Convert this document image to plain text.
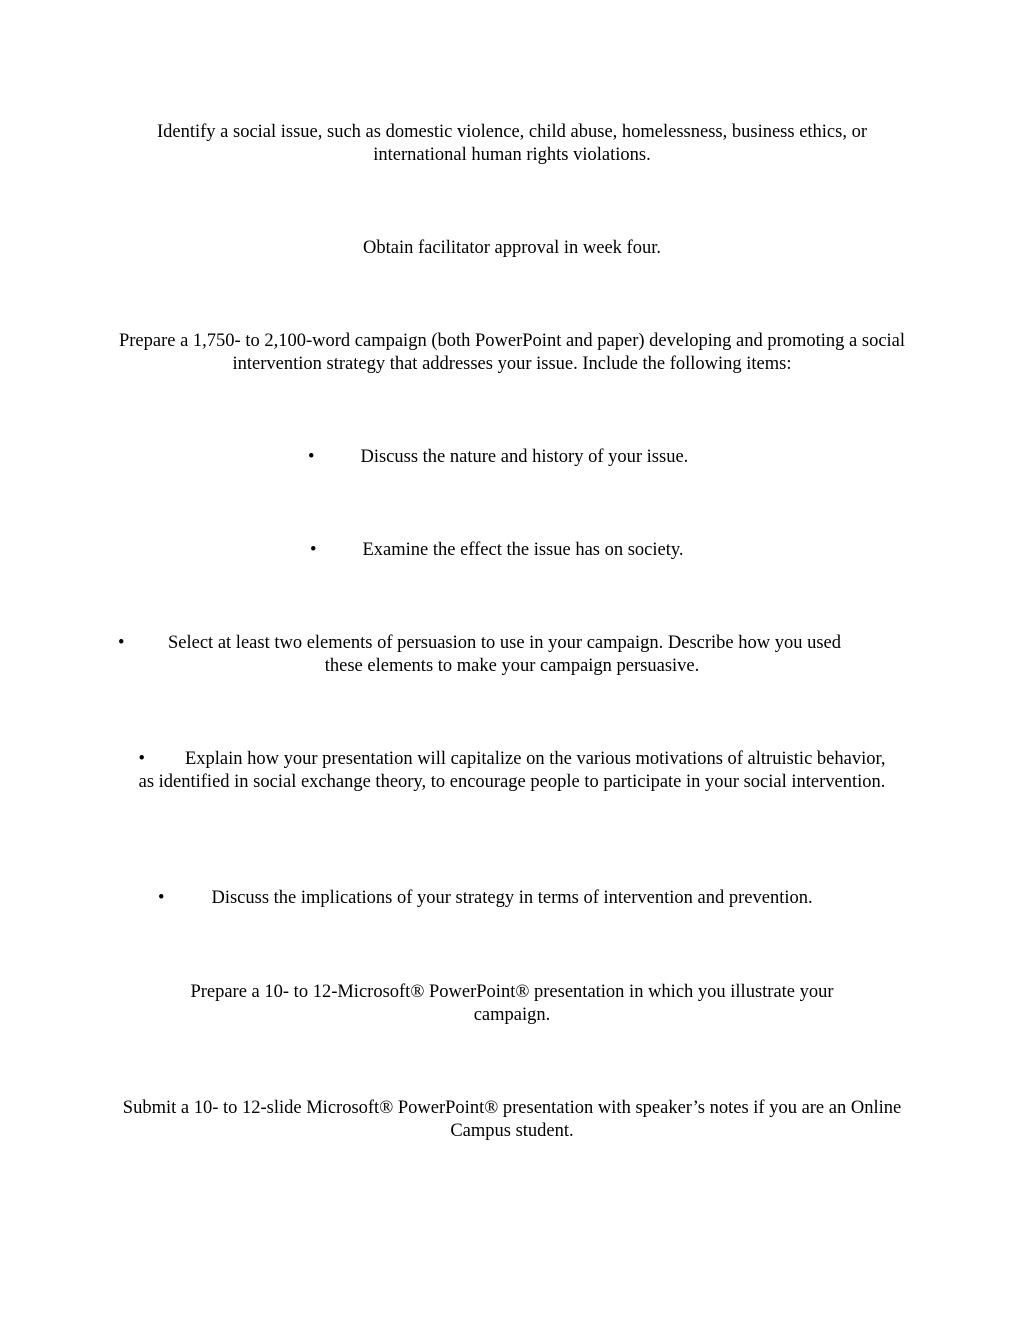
Identify a social issue, such as domestic violence, child abuse, homelessness, business ethics, or international human rights violations.

Obtain facilitator approval in week four.

Prepare a 1,750- to 2,100-word campaign (both PowerPoint and paper) developing and promoting a social intervention strategy that addresses your issue. Include the following items:

• Discuss the nature and history of your issue.

• Examine the effect the issue has on society.

•	Select at least two elements of persuasion to use in your campaign. Describe how you used
these elements to make your campaign persuasive.

• Explain how your presentation will capitalize on the various motivations of altruistic behavior, as identified in social exchange theory, to encourage people to participate in your social intervention.

•	Discuss the implications of your strategy in terms of intervention and prevention.

Prepare a 10- to 12-Microsoft® PowerPoint® presentation in which you illustrate your campaign.

Submit a 10- to 12-slide Microsoft® PowerPoint® presentation with speaker’s notes if you are an Online Campus student.
